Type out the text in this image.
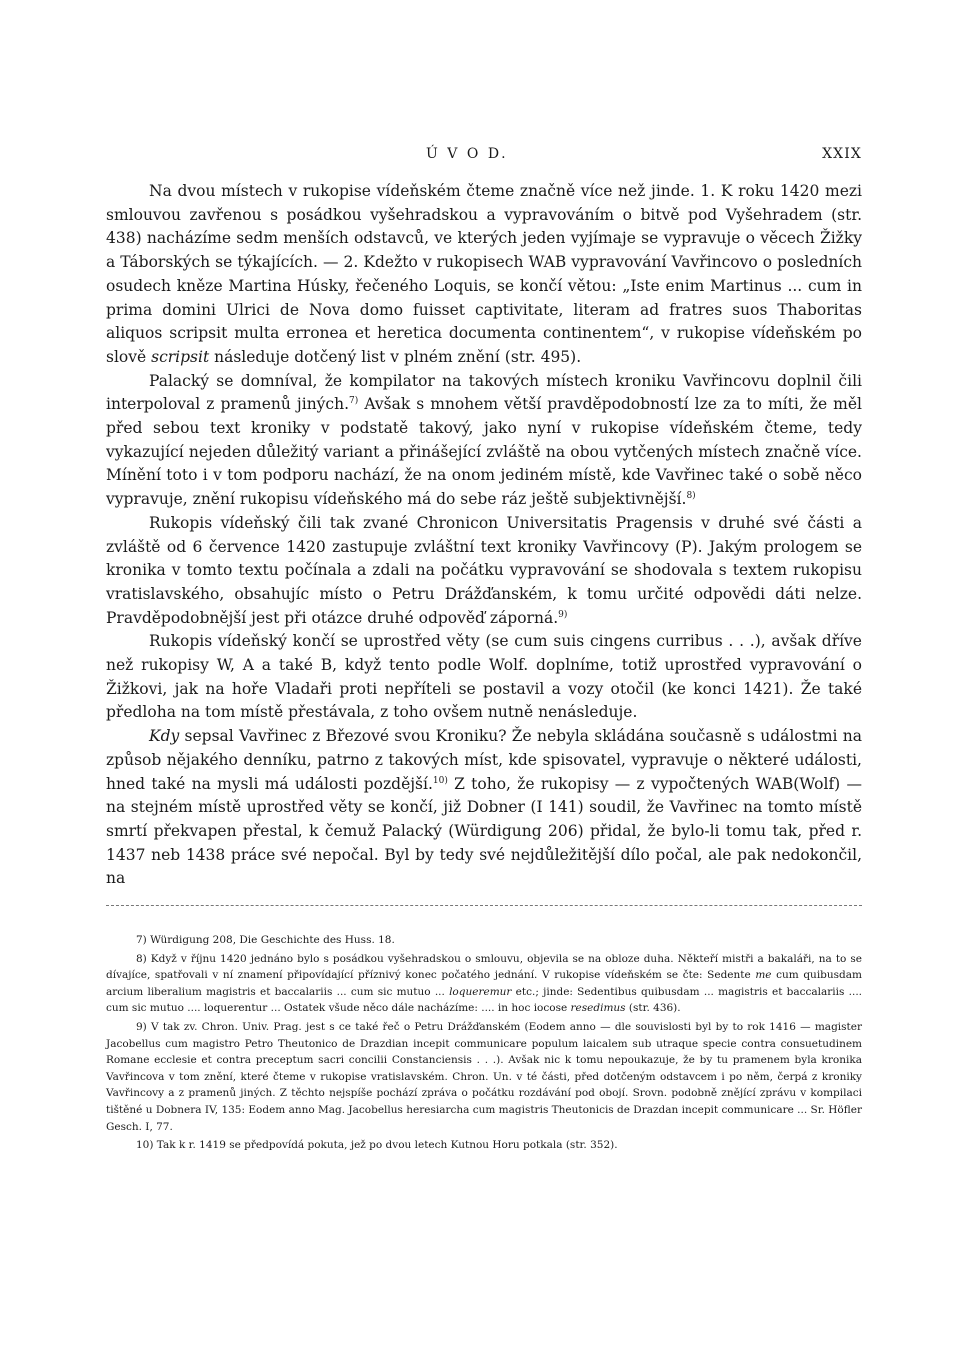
Ú V O D.	XXIX

Na dvou místech v rukopise vídeňském čteme značně více než jinde. 1. K roku 1420 mezi smlouvou zavřenou s posádkou vyšehradskou a vypravováním o bitvě pod Vyšehradem (str. 438) nacházíme sedm menších odstavců, ve kterých jeden vyjímaje se vypravuje o věcech Žižky a Táborských se týkajících. — 2. Kdežto v rukopisech WAB vypravování Vavřincovo o posledních osudech kněze Martina Húsky, řečeného Loquis, se končí větou: „Iste enim Martinus ... cum in prima domini Ulrici de Nova domo fuisset captivitate, literam ad fratres suos Thaboritas aliquos scripsit multa erronea et heretica documenta continentem“, v rukopise vídeňském po slově scripsit následuje dotčený list v plném znění (str. 495).

Palacký se domníval, že kompilator na takových místech kroniku Vavřincovu doplnil čili interpoloval z pramenů jiných.$^{7)}$ Avšak s mnohem větší pravděpodobností lze za to míti, že měl před sebou text kroniky v podstatě takový, jako nyní v rukopise vídeňském čteme, tedy vykazující nejeden důležitý variant a přinášející zvláště na obou vytčených místech značně více. Mínění toto i v tom podporu nachází, že na onom jediném místě, kde Vavřinec také o sobě něco vypravuje, znění rukopisu vídeňského má do sebe ráz ještě subjektivnější.$^{8)}$

Rukopis vídeňský čili tak zvané Chronicon Universitatis Pragensis v druhé své části a zvláště od 6 července 1420 zastupuje zvláštní text kroniky Vavřincovy (P). Jakým prologem se kronika v tomto textu počínala a zdali na počátku vypravování se shodovala s textem rukopisu vratislavského, obsahujíc místo o Petru Drážďanském, k tomu určité odpovědi dáti nelze. Pravděpodobnější jest při otázce druhé odpověď záporná.$^{9)}$

Rukopis vídeňský končí se uprostřed věty (se cum suis cingens curribus . . .), avšak dříve než rukopisy W, A a také B, když tento podle Wolf. doplníme, totiž uprostřed vypravování o Žižkovi, jak na hoře Vladaři proti nepříteli se postavil a vozy otočil (ke konci 1421). Že také předloha na tom místě přestávala, z toho ovšem nutně nenásleduje.

Kdy sepsal Vavřinec z Březové svou Kroniku? Že nebyla skládána současně s událostmi na způsob nějakého denníku, patrno z takových míst, kde spisovatel, vypravuje o některé události, hned také na mysli má události pozdější.$^{10)}$ Z toho, že rukopisy — z vypočtených WAB(Wolf) — na stejném místě uprostřed věty se končí, již Dobner (I 141) soudil, že Vavřinec na tomto místě smrtí překvapen přestal, k čemuž Palacký (Würdigung 206) přidal, že bylo-li tomu tak, před r. 1437 neb 1438 práce své nepočal. Byl by tedy své nejdůležitější dílo počal, ale pak nedokončil, na

7) Würdigung 208, Die Geschichte des Huss. 18.

8) Když v říjnu 1420 jednáno bylo s posádkou vyšehradskou o smlouvu, objevila se na obloze duha. Někteří mistři a bakaláři, na to se dívajíce, spatřovali v ní znamení připovídající příznivý konec počatého jednání. V rukopise vídeňském se čte: Sedente me cum quibusdam arcium liberalium magistris et baccalariis ... cum sic mutuo ... loqueremur etc.; jinde: Sedentibus quibusdam ... magistris et baccalariis .... cum sic mutuo .... loquerentur ... Ostatek všude něco dále nacházíme: .... in hoc iocose resedimus (str. 436).

9) V tak zv. Chron. Univ. Prag. jest s ce také řeč o Petru Drážďanském (Eodem anno — dle souvislosti byl by to rok 1416 — magister Jacobellus cum magistro Petro Theutonico de Drazdian incepit communicare populum laicalem sub utraque specie contra consuetudinem Romane ecclesie et contra preceptum sacri concilii Constanciensis . . .). Avšak nic k tomu nepoukazuje, že by tu pramenem byla kronika Vavřincova v tom znění, které čteme v rukopise vratislavském. Chron. Un. v té části, před dotčeným odstavcem i po něm, čerpá z kroniky Vavřincovy a z pramenů jiných. Z těchto nejspíše pochází zpráva o počátku rozdávání pod obojí. Srovn. podobně znějící zprávu v kompilaci tištěné u Dobnera IV, 135: Eodem anno Mag. Jacobellus heresiarcha cum magistris Theutonicis de Drazdan incepit communicare ... Sr. Höfler Gesch. I, 77.

10) Tak k r. 1419 se předpovídá pokuta, jež po dvou letech Kutnou Horu potkala (str. 352).
